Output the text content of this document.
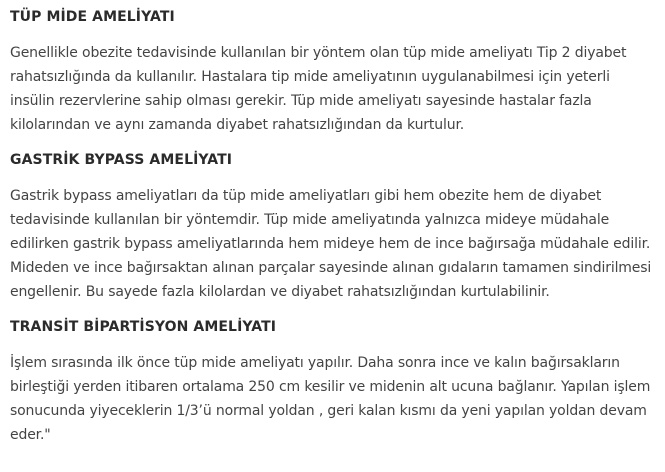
TÜP MİDE AMELİYATI

Genellikle obezite tedavisinde kullanılan bir yöntem olan tüp mide ameliyatı Tip 2 diyabet rahatsızlığında da kullanılır. Hastalara tip mide ameliyatının uygulanabilmesi için yeterli insülin rezervlerine sahip olması gerekir. Tüp mide ameliyatı sayesinde hastalar fazla kilolarından ve aynı zamanda diyabet rahatsızlığından da kurtulur.

GASTRİK BYPASS AMELİYATI

Gastrik bypass ameliyatları da tüp mide ameliyatları gibi hem obezite hem de diyabet tedavisinde kullanılan bir yöntemdir. Tüp mide ameliyatında yalnızca mideye müdahale edilirken gastrik bypass ameliyatlarında hem mideye hem de ince bağırsağa müdahale edilir. Mideden ve ince bağırsaktan alınan parçalar sayesinde alınan gıdaların tamamen sindirilmesi engellenir. Bu sayede fazla kilolardan ve diyabet rahatsızlığından kurtulabilinir.

TRANSİT BİPARTİSYON AMELİYATI

İşlem sırasında ilk önce tüp mide ameliyatı yapılır. Daha sonra ince ve kalın bağırsakların birleştiği yerden itibaren ortalama 250 cm kesilir ve midenin alt ucuna bağlanır. Yapılan işlem sonucunda yiyeceklerin 1/3’ü normal yoldan , geri kalan kısmı da yeni yapılan yoldan devam eder."
